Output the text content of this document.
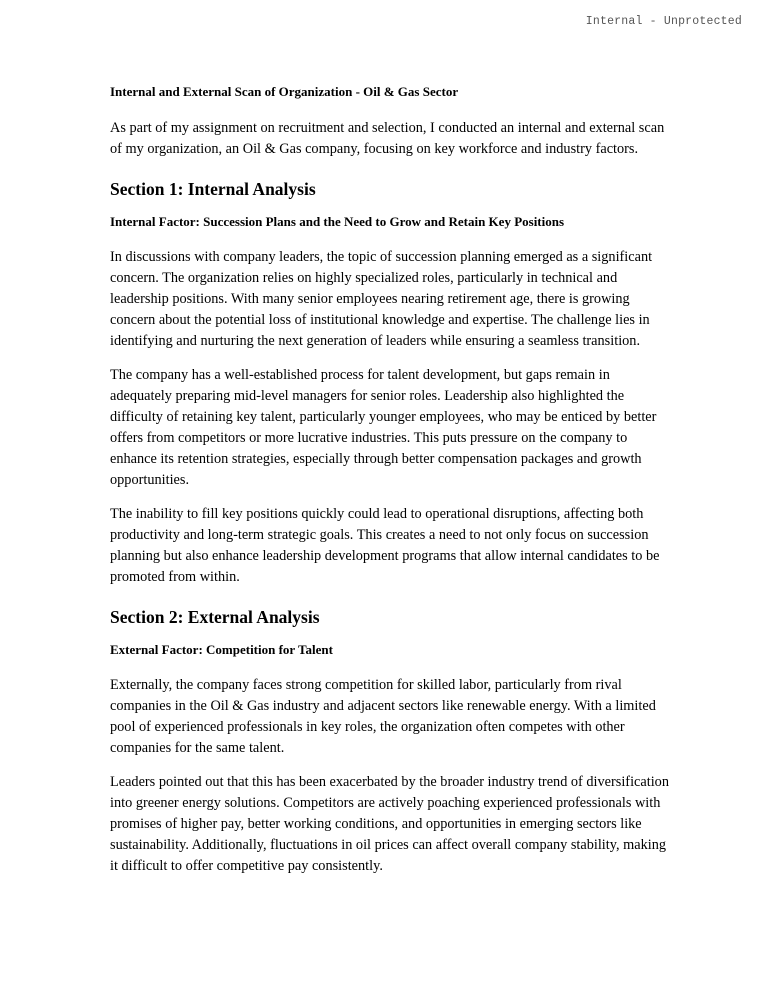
Internal - Unprotected
Internal and External Scan of Organization - Oil & Gas Sector

As part of my assignment on recruitment and selection, I conducted an internal and external scan of my organization, an Oil & Gas company, focusing on key workforce and industry factors.

Section 1: Internal Analysis
Internal Factor: Succession Plans and the Need to Grow and Retain Key Positions

In discussions with company leaders, the topic of succession planning emerged as a significant concern. The organization relies on highly specialized roles, particularly in technical and leadership positions. With many senior employees nearing retirement age, there is growing concern about the potential loss of institutional knowledge and expertise. The challenge lies in identifying and nurturing the next generation of leaders while ensuring a seamless transition.

The company has a well-established process for talent development, but gaps remain in adequately preparing mid-level managers for senior roles. Leadership also highlighted the difficulty of retaining key talent, particularly younger employees, who may be enticed by better offers from competitors or more lucrative industries. This puts pressure on the company to enhance its retention strategies, especially through better compensation packages and growth opportunities.

The inability to fill key positions quickly could lead to operational disruptions, affecting both productivity and long-term strategic goals. This creates a need to not only focus on succession planning but also enhance leadership development programs that allow internal candidates to be promoted from within.

Section 2: External Analysis
External Factor: Competition for Talent

Externally, the company faces strong competition for skilled labor, particularly from rival companies in the Oil & Gas industry and adjacent sectors like renewable energy. With a limited pool of experienced professionals in key roles, the organization often competes with other companies for the same talent.

Leaders pointed out that this has been exacerbated by the broader industry trend of diversification into greener energy solutions. Competitors are actively poaching experienced professionals with promises of higher pay, better working conditions, and opportunities in emerging sectors like sustainability. Additionally, fluctuations in oil prices can affect overall company stability, making it difficult to offer competitive pay consistently.
